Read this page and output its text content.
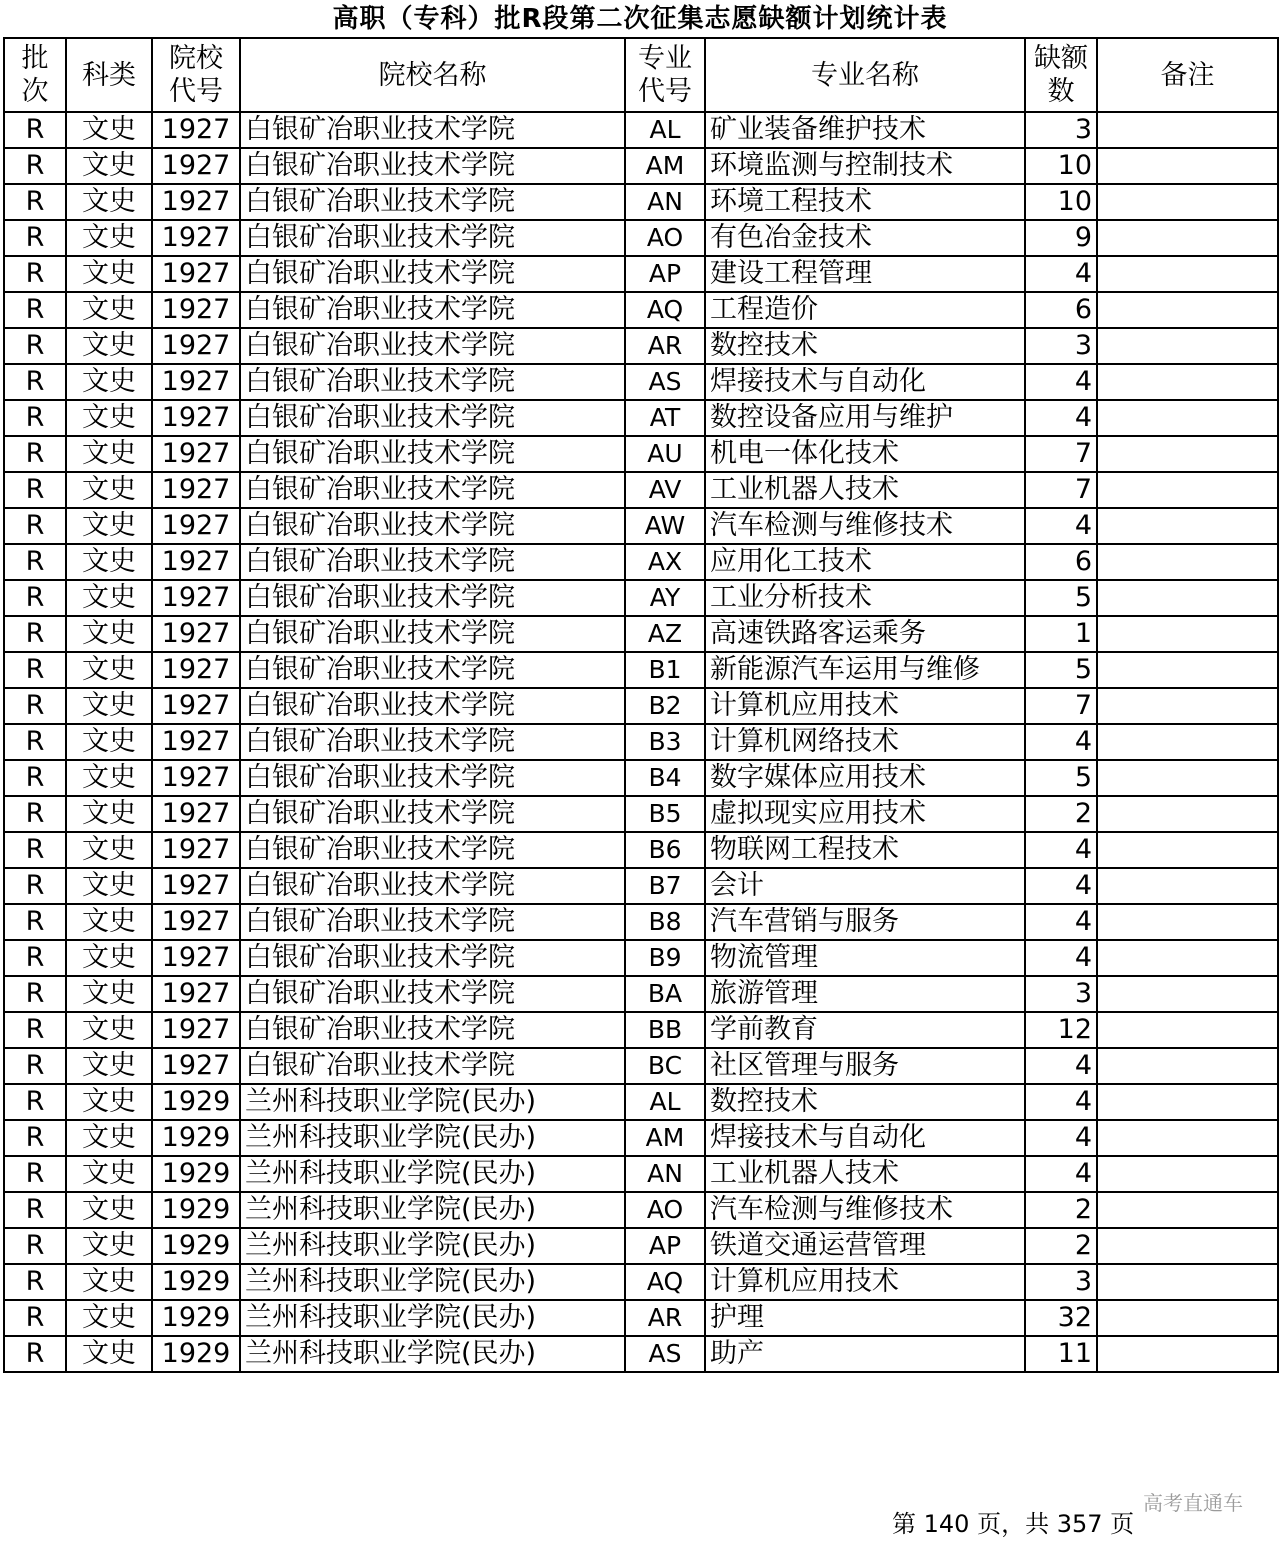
高职（专科）批R段第二次征集志愿缺额计划统计表
批次	科类	院校代号	院校名称	专业代号	专业名称	缺额数	备注
R	文史	1927	白银矿冶职业技术学院	AL	矿业装备维护技术	3	
R	文史	1927	白银矿冶职业技术学院	AM	环境监测与控制技术	10	
R	文史	1927	白银矿冶职业技术学院	AN	环境工程技术	10	
R	文史	1927	白银矿冶职业技术学院	AO	有色冶金技术	9	
R	文史	1927	白银矿冶职业技术学院	AP	建设工程管理	4	
R	文史	1927	白银矿冶职业技术学院	AQ	工程造价	6	
R	文史	1927	白银矿冶职业技术学院	AR	数控技术	3	
R	文史	1927	白银矿冶职业技术学院	AS	焊接技术与自动化	4	
R	文史	1927	白银矿冶职业技术学院	AT	数控设备应用与维护	4	
R	文史	1927	白银矿冶职业技术学院	AU	机电一体化技术	7	
R	文史	1927	白银矿冶职业技术学院	AV	工业机器人技术	7	
R	文史	1927	白银矿冶职业技术学院	AW	汽车检测与维修技术	4	
R	文史	1927	白银矿冶职业技术学院	AX	应用化工技术	6	
R	文史	1927	白银矿冶职业技术学院	AY	工业分析技术	5	
R	文史	1927	白银矿冶职业技术学院	AZ	高速铁路客运乘务	1	
R	文史	1927	白银矿冶职业技术学院	B1	新能源汽车运用与维修	5	
R	文史	1927	白银矿冶职业技术学院	B2	计算机应用技术	7	
R	文史	1927	白银矿冶职业技术学院	B3	计算机网络技术	4	
R	文史	1927	白银矿冶职业技术学院	B4	数字媒体应用技术	5	
R	文史	1927	白银矿冶职业技术学院	B5	虚拟现实应用技术	2	
R	文史	1927	白银矿冶职业技术学院	B6	物联网工程技术	4	
R	文史	1927	白银矿冶职业技术学院	B7	会计	4	
R	文史	1927	白银矿冶职业技术学院	B8	汽车营销与服务	4	
R	文史	1927	白银矿冶职业技术学院	B9	物流管理	4	
R	文史	1927	白银矿冶职业技术学院	BA	旅游管理	3	
R	文史	1927	白银矿冶职业技术学院	BB	学前教育	12	
R	文史	1927	白银矿冶职业技术学院	BC	社区管理与服务	4	
R	文史	1929	兰州科技职业学院(民办)	AL	数控技术	4	
R	文史	1929	兰州科技职业学院(民办)	AM	焊接技术与自动化	4	
R	文史	1929	兰州科技职业学院(民办)	AN	工业机器人技术	4	
R	文史	1929	兰州科技职业学院(民办)	AO	汽车检测与维修技术	2	
R	文史	1929	兰州科技职业学院(民办)	AP	铁道交通运营管理	2	
R	文史	1929	兰州科技职业学院(民办)	AQ	计算机应用技术	3	
R	文史	1929	兰州科技职业学院(民办)	AR	护理	32	
R	文史	1929	兰州科技职业学院(民办)	AS	助产	11	
高考直通车
第 140 页，共 357 页
